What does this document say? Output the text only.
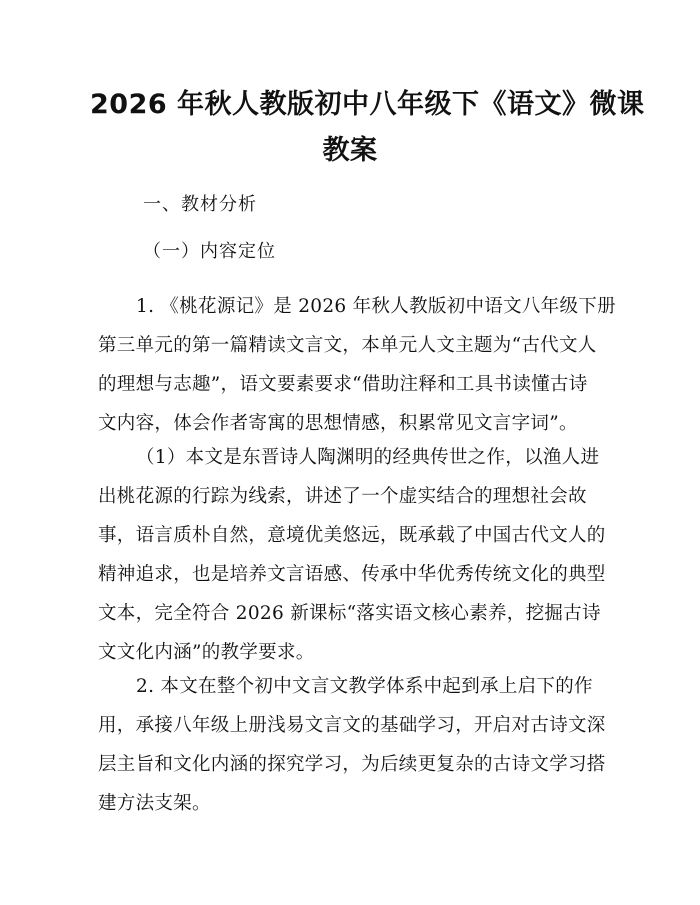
2026 年秋人教版初中八年级下《语文》微课
教案
一、教材分析
（一）内容定位
1. 《桃花源记》是 2026 年秋人教版初中语文八年级下册
第三单元的第一篇精读文言文，本单元人文主题为“古代文人
的理想与志趣”，语文要素要求“借助注释和工具书读懂古诗
文内容，体会作者寄寓的思想情感，积累常见文言字词”。
（1）本文是东晋诗人陶渊明的经典传世之作，以渔人进
出桃花源的行踪为线索，讲述了一个虚实结合的理想社会故
事，语言质朴自然，意境优美悠远，既承载了中国古代文人的
精神追求，也是培养文言语感、传承中华优秀传统文化的典型
文本，完全符合 2026 新课标“落实语文核心素养，挖掘古诗
文文化内涵”的教学要求。
2. 本文在整个初中文言文教学体系中起到承上启下的作
用，承接八年级上册浅易文言文的基础学习，开启对古诗文深
层主旨和文化内涵的探究学习，为后续更复杂的古诗文学习搭
建方法支架。
